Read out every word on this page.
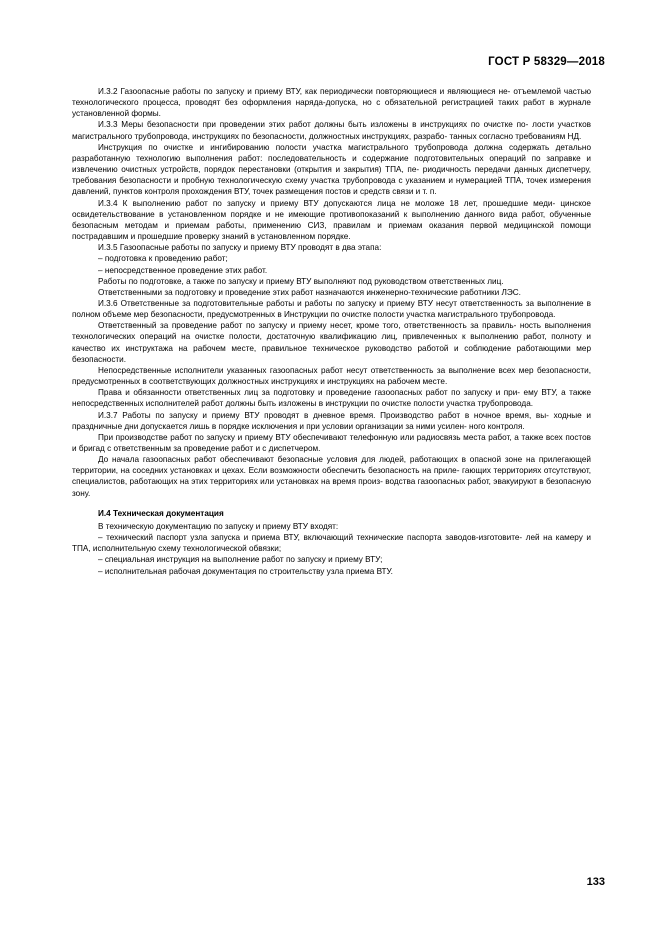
ГОСТ Р 58329—2018

И.3.2 Газоопасные работы по запуску и приему ВТУ, как периодически повторяющиеся и являющиеся не- отъемлемой частью технологического процесса, проводят без оформления наряда-допуска, но с обязательной регистрацией таких работ в журнале установленной формы.

И.3.3 Меры безопасности при проведении этих работ должны быть изложены в инструкциях по очистке по- лости участков магистрального трубопровода, инструкциях по безопасности, должностных инструкциях, разрабо- танных согласно требованиям НД.

Инструкция по очистке и ингибированию полости участка магистрального трубопровода должна содержать детально разработанную технологию выполнения работ: последовательность и содержание подготовительных операций по заправке и извлечению очистных устройств, порядок перестановки (открытия и закрытия) ТПА, пе- риодичность передачи данных диспетчеру, требования безопасности и пробную технологическую схему участка трубопровода с указанием и нумерацией ТПА, точек измерения давлений, пунктов контроля прохождения ВТУ, точек размещения постов и средств связи и т. п.

И.3.4 К выполнению работ по запуску и приему ВТУ допускаются лица не моложе 18 лет, прошедшие меди- цинское освидетельствование в установленном порядке и не имеющие противопоказаний к выполнению данного вида работ, обученные безопасным методам и приемам работы, применению СИЗ, правилам и приемам оказания первой медицинской помощи пострадавшим и прошедшие проверку знаний в установленном порядке.

И.3.5 Газоопасные работы по запуску и приему ВТУ проводят в два этапа:

– подготовка к проведению работ;

– непосредственное проведение этих работ.

Работы по подготовке, а также по запуску и приему ВТУ выполняют под руководством ответственных лиц.

Ответственными за подготовку и проведение этих работ назначаются инженерно-технические работники ЛЭС.

И.3.6 Ответственные за подготовительные работы и работы по запуску и приему ВТУ несут ответственность за выполнение в полном объеме мер безопасности, предусмотренных в Инструкции по очистке полости участка магистрального трубопровода.

Ответственный за проведение работ по запуску и приему несет, кроме того, ответственность за правиль- ность выполнения технологических операций на очистке полости, достаточную квалификацию лиц, привлеченных к выполнению работ, полноту и качество их инструктажа на рабочем месте, правильное техническое руководство работой и соблюдение работающими мер безопасности.

Непосредственные исполнители указанных газоопасных работ несут ответственность за выполнение всех мер безопасности, предусмотренных в соответствующих должностных инструкциях и инструкциях на рабочем месте.

Права и обязанности ответственных лиц за подготовку и проведение газоопасных работ по запуску и при- ему ВТУ, а также непосредственных исполнителей работ должны быть изложены в инструкции по очистке полости участка трубопровода.

И.3.7 Работы по запуску и приему ВТУ проводят в дневное время. Производство работ в ночное время, вы- ходные и праздничные дни допускается лишь в порядке исключения и при условии организации за ними усилен- ного контроля.

При производстве работ по запуску и приему ВТУ обеспечивают телефонную или радиосвязь места работ, а также всех постов и бригад с ответственным за проведение работ и с диспетчером.

До начала газоопасных работ обеспечивают безопасные условия для людей, работающих в опасной зоне на прилегающей территории, на соседних установках и цехах. Если возможности обеспечить безопасность на приле- гающих территориях отсутствуют, специалистов, работающих на этих территориях или установках на время произ- водства газоопасных работ, эвакуируют в безопасную зону.

И.4 Техническая документация

В техническую документацию по запуску и приему ВТУ входят:

– технический паспорт узла запуска и приема ВТУ, включающий технические паспорта заводов-изготовите- лей на камеру и ТПА, исполнительную схему технологической обвязки;

– специальная инструкция на выполнение работ по запуску и приему ВТУ;

– исполнительная рабочая документация по строительству узла приема ВТУ.

133
